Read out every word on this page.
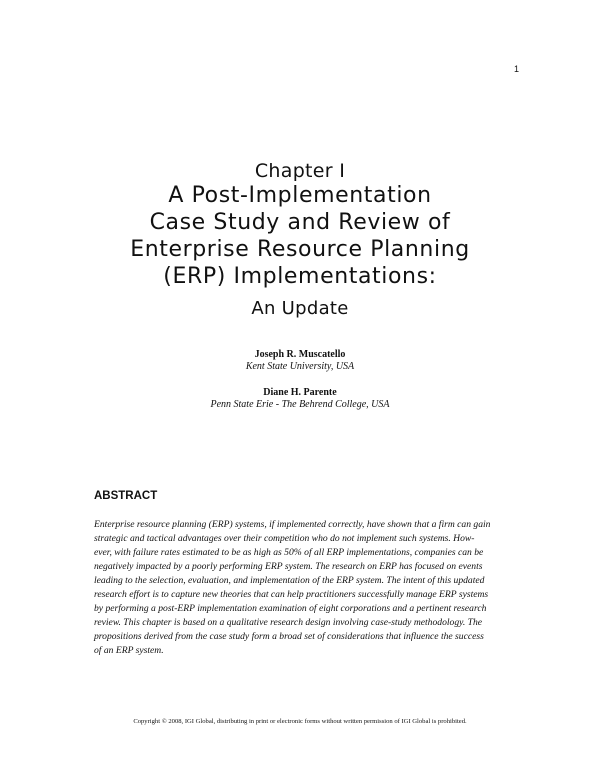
1
Chapter I
A Post-Implementation
Case Study and Review of
Enterprise Resource Planning
(ERP) Implementations:
An Update
Joseph R. Muscatello
Kent State University, USA
Diane H. Parente
Penn State Erie - The Behrend College, USA
ABSTRACT
Enterprise resource planning (ERP) systems, if implemented correctly, have shown that a firm can gain
strategic and tactical advantages over their competition who do not implement such systems. How-
ever, with failure rates estimated to be as high as 50% of all ERP implementations, companies can be
negatively impacted by a poorly performing ERP system. The research on ERP has focused on events
leading to the selection, evaluation, and implementation of the ERP system. The intent of this updated
research effort is to capture new theories that can help practitioners successfully manage ERP systems
by performing a post-ERP implementation examination of eight corporations and a pertinent research
review. This chapter is based on a qualitative research design involving case-study methodology. The
propositions derived from the case study form a broad set of considerations that influence the success
of an ERP system.
Copyright © 2008, IGI Global, distributing in print or electronic forms without written permission of IGI Global is prohibited.
